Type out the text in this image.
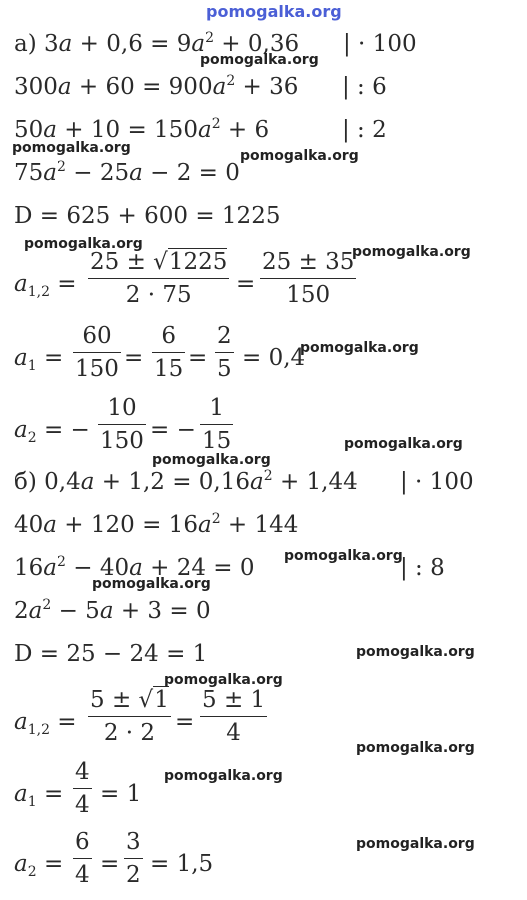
pomogalka.org
а) $3a + 0,6 = 9a^2 + 0,36$ | · 100
$300a + 60 = 900a^2 + 36$ | : 6
$50a + 10 = 150a^2 + 6$	| : 2
$75a^2 - 25a - 2 = 0$
D = 625 + 600 = 1225
$a_{1,2} = \frac{25 \pm √1225}{2 \cdot 75} = \frac{25 \pm 35}{150}$
$a_1 = \frac{60}{150} = \frac{6}{15} = \frac{2}{5} = 0,4$
$a_2$ = − $\frac{10}{150}$ = − $\frac{1}{15}$
б) $0,4a + 1,2 = 0,16a^2 + 1,44$ | · 100
$40a + 120 = 16a^2 + 144$
$16a^2 - 40a + 24 = 0$	| : 8
$2a^2 - 5a + 3 = 0$
D = 25 − 24 = 1
$a_{1,2} = \frac{5 \pm √1}{2 \cdot 2} = \frac{5 \pm 1}{4}$
$a_1 = \frac{4}{4} = 1$
$a_2 = \frac{6}{4} = \frac{3}{2} = 1,5$
pomogalka.org
pomogalka.org	pomogalka.org
pomogalka.org	pomogalka.org
pomogalka.org
pomogalka.org
pomogalka.org
pomogalka.org
pomogalka.org
pomogalka.org
pomogalka.org
pomogalka.org
pomogalka.org
pomogalka.org
